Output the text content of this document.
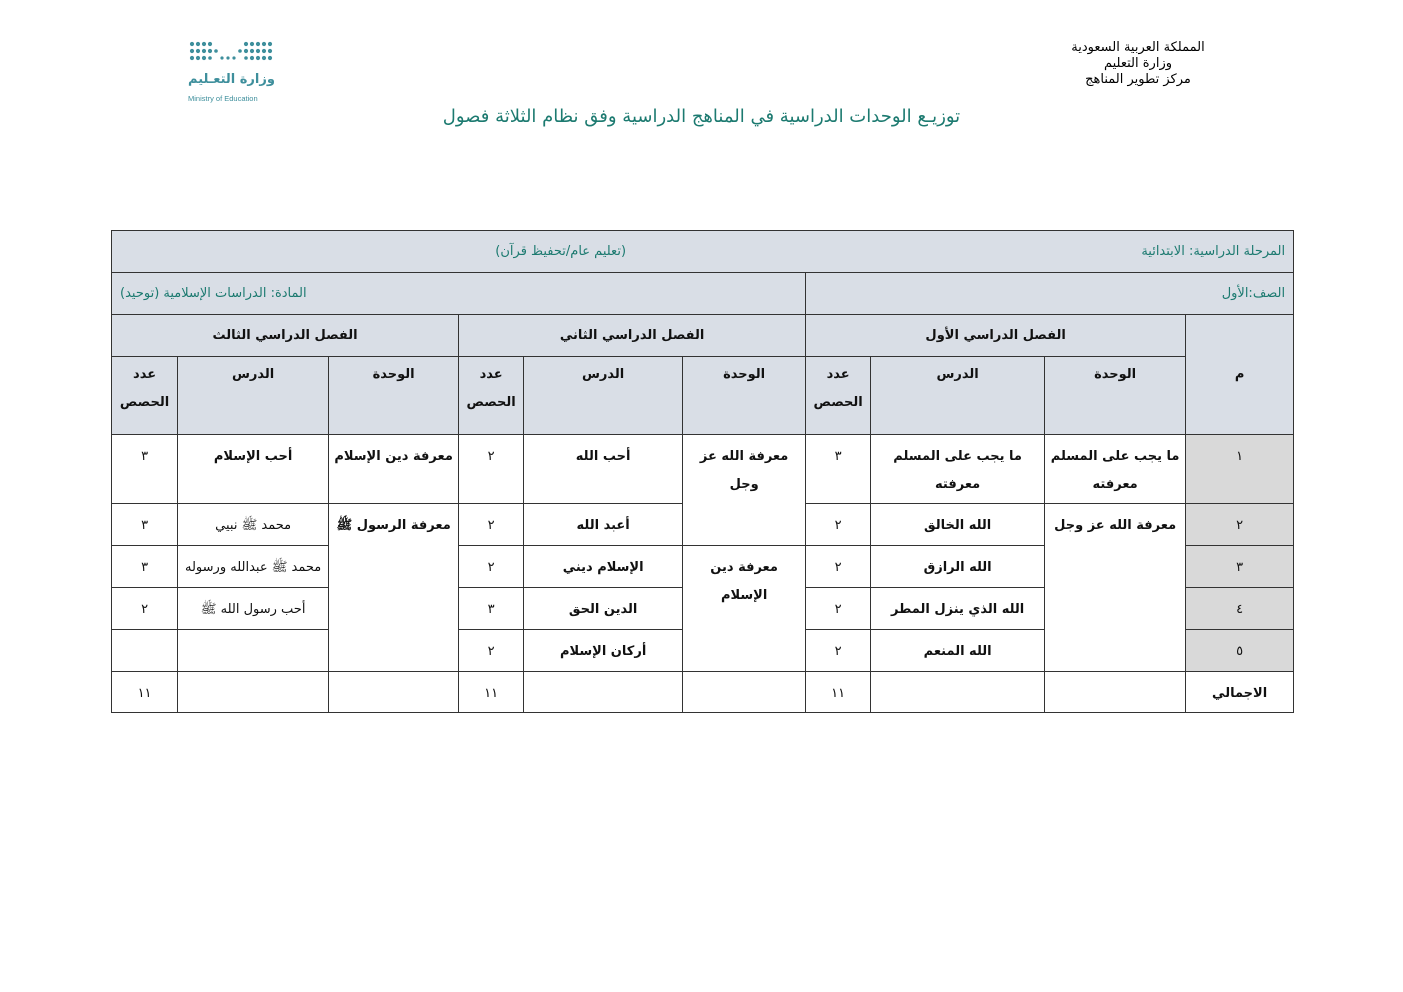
المملكة العربية السعودية
وزارة التعليم
مركز تطوير المناهج
وزارة التعـليم
Ministry of Education
توزيـع الوحدات الدراسية في المناهج الدراسية وفق نظام الثلاثة فصول
المرحلة الدراسية: الابتدائية
(تعليم عام/تحفيظ قرآن)									
الصف:الأول				المادة: الدراسات الإسلامية (توحيد)					
م	الفصل الدراسي الأول			الفصل الدراسي الثاني			الفصل الدراسي الثالث		
	الوحدة	الدرس	عدد الحصص	الوحدة	الدرس	عدد الحصص	الوحدة	الدرس	عدد الحصص
١	ما يجب على المسلم معرفته	ما يجب على المسلم معرفته	٣	معرفة الله عز وجل	أحب الله	٢	معرفة دين الإسلام	أحب الإسلام	٣
٢	معرفة الله عز وجل	الله الخالق	٢		أعبد الله	٢	معرفة الرسول ﷺ	محمد ﷺ نبيي	٣
٣		الله الرازق	٢	معرفة دين الإسلام	الإسلام ديني	٢		محمد ﷺ عبدالله ورسوله	٣
٤		الله الذي ينزل المطر	٢		الدين الحق	٣		أحب رسول الله ﷺ	٢
٥		الله المنعم	٢		أركان الإسلام	٢			
الاجمالي			١١			١١			١١
